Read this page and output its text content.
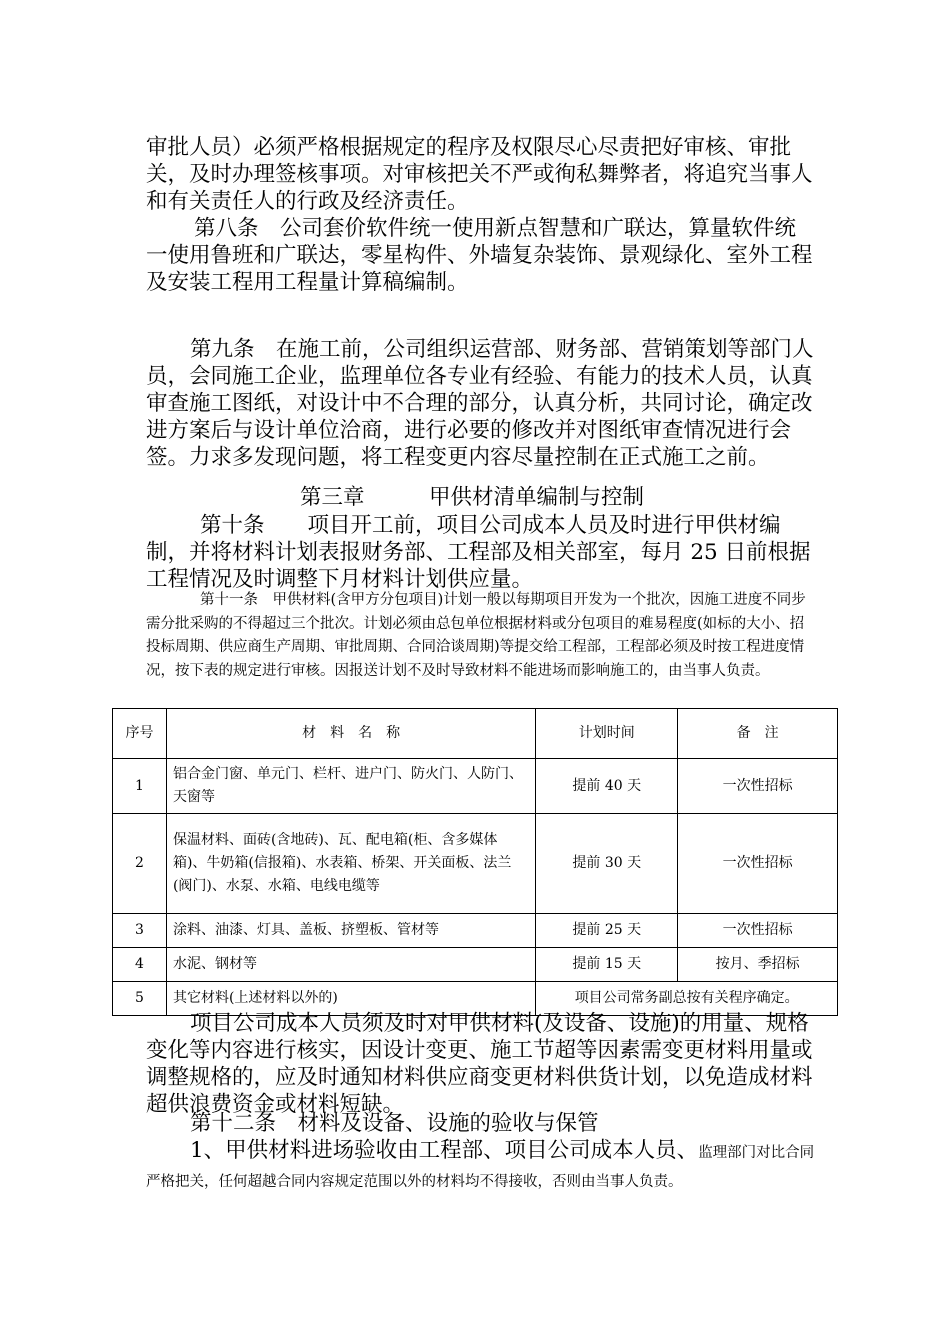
审批人员）必须严格根据规定的程序及权限尽心尽责把好审核、审批关，及时办理签核事项。对审核把关不严或徇私舞弊者，将追究当事人和有关责任人的行政及经济责任。

第八条　公司套价软件统一使用新点智慧和广联达，算量软件统一使用鲁班和广联达，零星构件、外墙复杂装饰、景观绿化、室外工程及安装工程用工程量计算稿编制。

第九条　在施工前，公司组织运营部、财务部、营销策划等部门人员，会同施工企业，监理单位各专业有经验、有能力的技术人员，认真审查施工图纸，对设计中不合理的部分，认真分析，共同讨论，确定改进方案后与设计单位洽商，进行必要的修改并对图纸审查情况进行会签。力求多发现问题，将工程变更内容尽量控制在正式施工之前。

第三章　　　甲供材清单编制与控制

第十条　　项目开工前，项目公司成本人员及时进行甲供材编制，并将材料计划表报财务部、工程部及相关部室，每月 25 日前根据工程情况及时调整下月材料计划供应量。

第十一条　甲供材料(含甲方分包项目)计划一般以每期项目开发为一个批次，因施工进度不同步需分批采购的不得超过三个批次。计划必须由总包单位根据材料或分包项目的难易程度(如标的大小、招投标周期、供应商生产周期、审批周期、合同洽谈周期)等提交给工程部，工程部必须及时按工程进度情况，按下表的规定进行审核。因报送计划不及时导致材料不能进场而影响施工的，由当事人负责。

序号	材　料　名　称	计划时间	备　注
1	铝合金门窗、单元门、栏杆、进户门、防火门、人防门、天窗等	提前 40 天	一次性招标
2	保温材料、面砖(含地砖)、瓦、配电箱(柜、含多媒体箱)、牛奶箱(信报箱)、水表箱、桥架、开关面板、法兰(阀门)、水泵、水箱、电线电缆等	提前 30 天	一次性招标
3	涂料、油漆、灯具、盖板、挤塑板、管材等	提前 25 天	一次性招标
4	水泥、钢材等	提前 15 天	按月、季招标
5	其它材料(上述材料以外的)	项目公司常务副总按有关程序确定。	

项目公司成本人员须及时对甲供材料(及设备、设施)的用量、规格变化等内容进行核实，因设计变更、施工节超等因素需变更材料用量或调整规格的，应及时通知材料供应商变更材料供货计划，以免造成材料超供浪费资金或材料短缺。

第十二条　材料及设备、设施的验收与保管

1、甲供材料进场验收由工程部、项目公司成本人员、监理部门对比合同严格把关，任何超越合同内容规定范围以外的材料均不得接收，否则由当事人负责。
